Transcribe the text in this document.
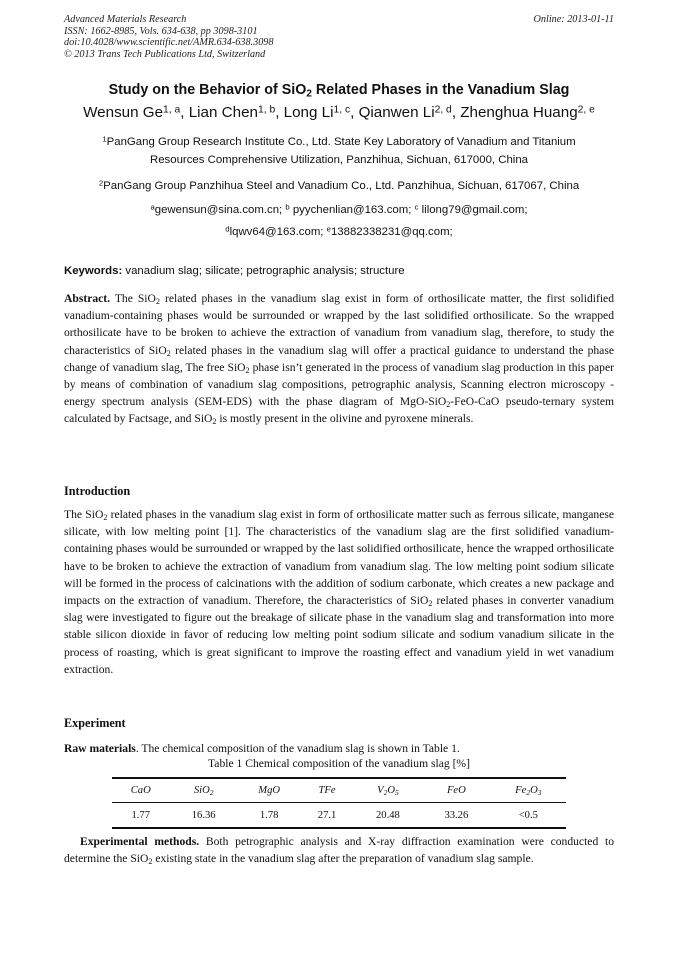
Advanced Materials Research
ISSN: 1662-8985, Vols. 634-638, pp 3098-3101
doi:10.4028/www.scientific.net/AMR.634-638.3098
© 2013 Trans Tech Publications Ltd, Switzerland
Online: 2013-01-11
Study on the Behavior of SiO$_2$ Related Phases in the Vanadium Slag
Wensun Ge$^{1, a}$, Lian Chen$^{1, b}$, Long Li$^{1, c}$, Qianwen Li$^{2, d}$, Zhenghua Huang$^{2, e}$
$^1$PanGang Group Research Institute Co., Ltd. State Key Laboratory of Vanadium and Titanium
Resources Comprehensive Utilization, Panzhihua, Sichuan, 617000, China
$^2$PanGang Group Panzhihua Steel and Vanadium Co., Ltd. Panzhihua, Sichuan, 617067, China
$^a$gewensun@sina.com.cn; $^b$ pyychenlian@163.com; $^c$ lilong79@gmail.com;
$^d$lqwv64@163.com; $^e$13882338231@qq.com;
Keywords: vanadium slag; silicate; petrographic analysis; structure
Abstract. The SiO$_2$ related phases in the vanadium slag exist in form of orthosilicate matter, the first solidified vanadium-containing phases would be surrounded or wrapped by the last solidified orthosilicate. So the wrapped orthosilicate have to be broken to achieve the extraction of vanadium from vanadium slag, therefore, to study the characteristics of SiO$_2$ related phases in the vanadium slag will offer a practical guidance to understand the phase change of vanadium slag, The free SiO$_2$ phase isn’t generated in the process of vanadium slag production in this paper by means of combination of vanadium slag compositions, petrographic analysis, Scanning electron microscopy -energy spectrum analysis (SEM-EDS) with the phase diagram of MgO-SiO$_2$-FeO-CaO pseudo-ternary system calculated by Factsage, and SiO$_2$ is mostly present in the olivine and pyroxene minerals.
Introduction
The SiO$_2$ related phases in the vanadium slag exist in form of orthosilicate matter such as ferrous silicate, manganese silicate, with low melting point [1]. The characteristics of the vanadium slag are the first solidified vanadium-containing phases would be surrounded or wrapped by the last solidified orthosilicate, hence the wrapped orthosilicate have to be broken to achieve the extraction of vanadium from vanadium slag. The low melting point sodium silicate will be formed in the process of calcinations with the addition of sodium carbonate, which creates a new package and impacts on the extraction of vanadium. Therefore, the characteristics of SiO$_2$ related phases in converter vanadium slag were investigated to figure out the breakage of silicate phase in the vanadium slag and transformation into more stable silicon dioxide in favor of reducing low melting point sodium silicate and sodium vanadium silicate in the process of roasting, which is great significant to improve the roasting effect and vanadium yield in wet vanadium extraction.
Experiment
Raw materials. The chemical composition of the vanadium slag is shown in Table 1.
Table 1 Chemical composition of the vanadium slag [%]
CaO	SiO$_2$	MgO	TFe	$V_2O_5$	FeO	$Fe_2O_3$
1.77	16.36	1.78	27.1	20.48	33.26	<0.5
Experimental methods. Both petrographic analysis and X-ray diffraction examination were conducted to determine the SiO$_2$ existing state in the vanadium slag after the preparation of vanadium slag sample.
